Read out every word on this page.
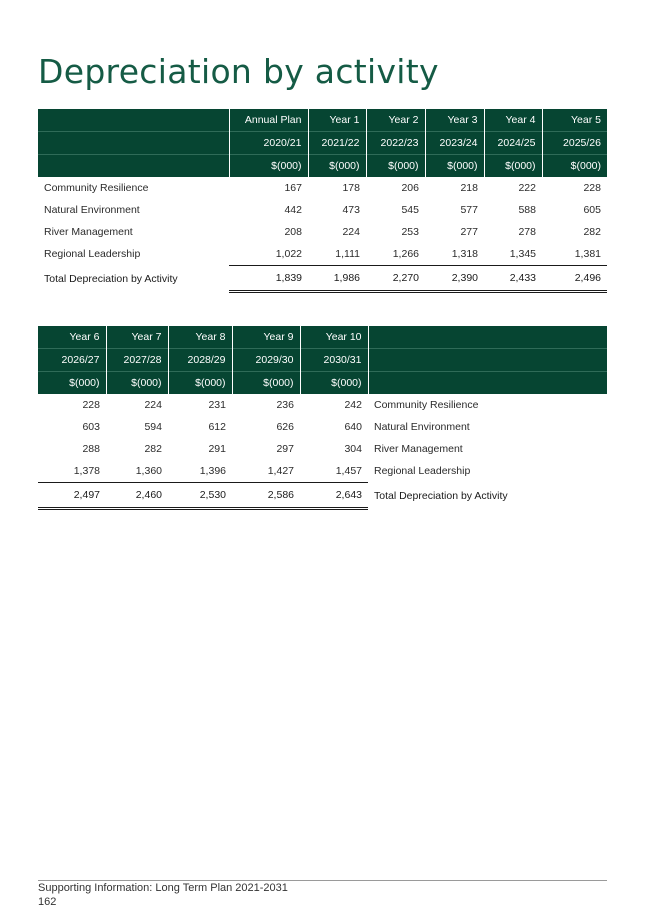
Depreciation by activity
	Annual Plan	Year 1	Year 2	Year 3	Year 4	Year 5
	2020/21	2021/22	2022/23	2023/24	2024/25	2025/26
	$(000)	$(000)	$(000)	$(000)	$(000)	$(000)
Community Resilience	167	178	206	218	222	228
Natural Environment	442	473	545	577	588	605
River Management	208	224	253	277	278	282
Regional Leadership	1,022	1,111	1,266	1,318	1,345	1,381
Total Depreciation by Activity	1,839	1,986	2,270	2,390	2,433	2,496
Year 6	Year 7	Year 8	Year 9	Year 10	
2026/27	2027/28	2028/29	2029/30	2030/31	
$(000)	$(000)	$(000)	$(000)	$(000)	
228	224	231	236	242	Community Resilience
603	594	612	626	640	Natural Environment
288	282	291	297	304	River Management
1,378	1,360	1,396	1,427	1,457	Regional Leadership
2,497	2,460	2,530	2,586	2,643	Total Depreciation by Activity
Supporting Information: Long Term Plan 2021-2031
162
